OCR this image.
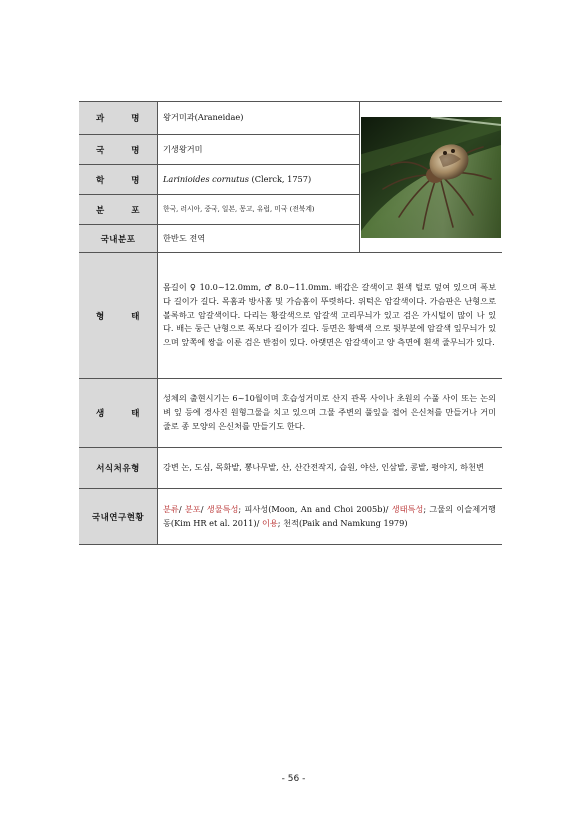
과 명	왕거미과(Araneidae)	

국 명	기생왕거미	
학 명	Larinioides cornutus (Clerck, 1757)	
분 포	한국, 러시아, 중국, 일본, 몽고, 유럽, 미국 (전북계)	
국내분포	한반도 전역	
형 태	몸길이 ♀ 10.0~12.0mm, ♂ 8.0~11.0mm. 배갑은 갈색이고 흰색 털로 덮여 있으며 폭보다 길이가 길다. 목홈과 방사홈 및 가슴홈이 뚜렷하다. 위턱은 암갈색이다. 가슴판은 난형으로 볼록하고 암갈색이다. 다리는 황갈색으로 암갈색 고리무늬가 있고 검은 가시털이 많이 나 있다. 배는 둥근 난형으로 폭보다 길이가 길다. 등면은 황백색 으로 뒷부분에 암갈색 잎무늬가 있으며 앞쪽에 쌍을 이룬 검은 반점이 있다. 아랫면은 암갈색이고 양 측면에 흰색 줄무늬가 있다.	
생 태	성체의 출현시기는 6~10월이며 호습성거미로 산지 관목 사이나 초원의 수풀 사이 또는 논의 벼 잎 등에 경사진 원형그물을 치고 있으며 그물 주변의 풀잎을 접어 은신처를 만들거나 거미줄로 종 모양의 은신처를 만들기도 한다.	
서식처유형	강변 논, 도심, 목화밭, 뽕나무밭, 산, 산간전작지, 습원, 야산, 인삼밭, 콩밭, 평야지, 하천변	
국내연구현황	분류/ 분포/ 생물특성; 피사성(Moon, An and Choi 2005b)/ 생태특성; 그물의 이슬제거행동(Kim HR et al. 2011)/ 이용; 천적(Paik and Namkung 1979)	
- 56 -
